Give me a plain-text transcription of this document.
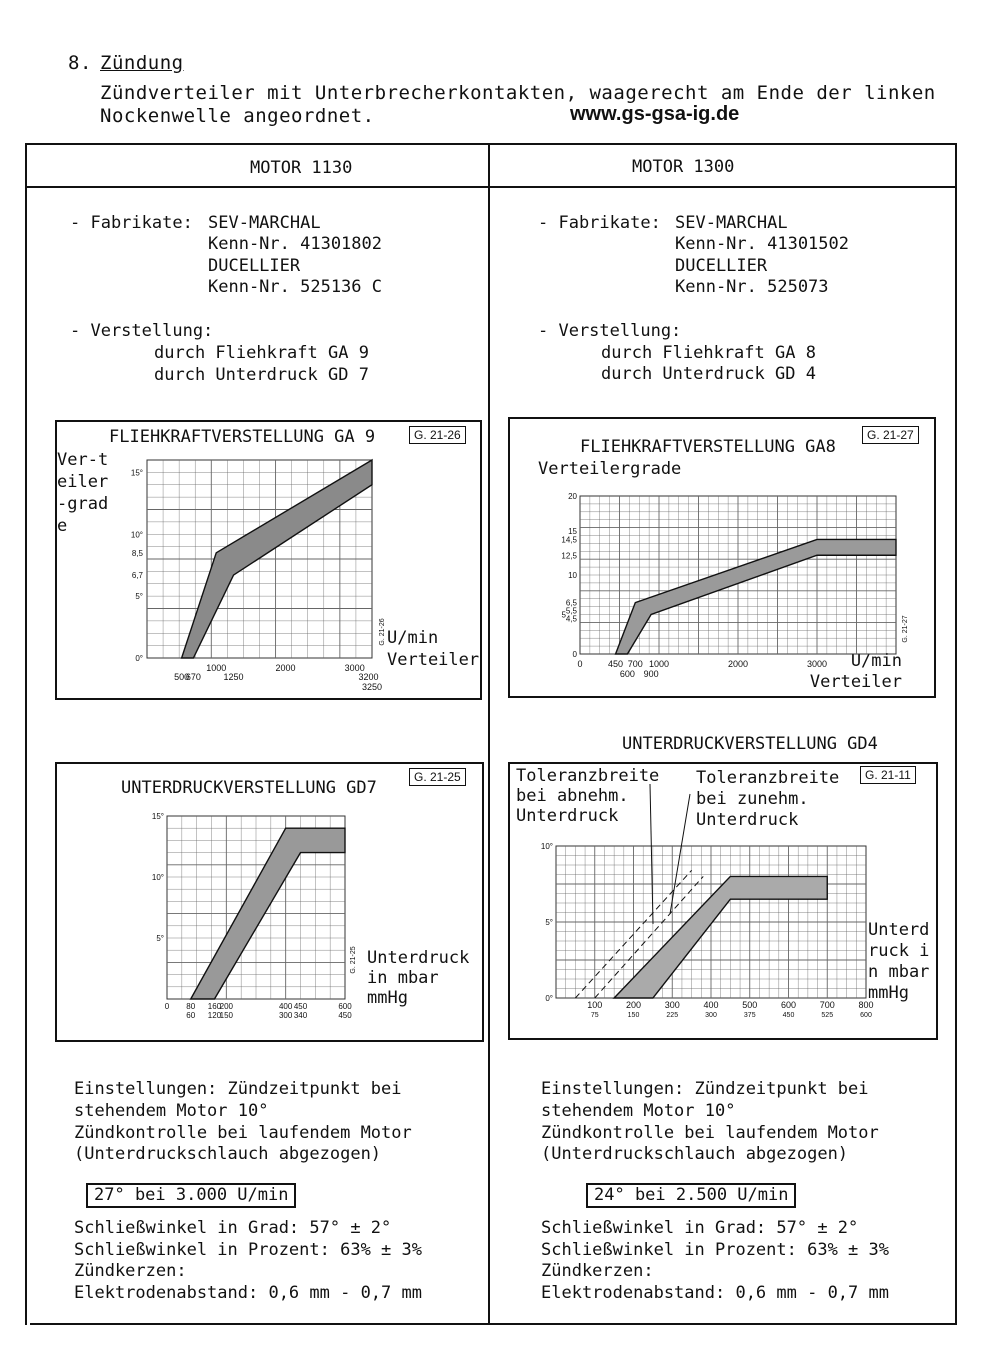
8. Zündung
Zündverteiler mit Unterbrecherkontakten, waagerecht am Ende der linken
Nockenwelle angeordnet.	www.gs-gsa-ig.de
MOTOR 1130	MOTOR 1300
- Fabrikate: SEV-MARCHAL
Kenn-Nr. 41301802
DUCELLIER
Kenn-Nr. 525136 C
- Verstellung:
durch Fliehkraft GA 9
durch Unterdruck GD 7
- Fabrikate: SEV-MARCHAL
Kenn-Nr. 41301502
DUCELLIER
Kenn-Nr. 525073
- Verstellung:
durch Fliehkraft GA 8
durch Unterdruck GD 4
FLIEHKRAFTVERSTELLUNG GA 9	G. 21-26
Ver-teiler-grade
U/min Verteiler
1000	2000	3000
500
670	1250	3200
3250
15°
10°
8,5
6,7
5°
0°
G. 21-26
FLIEHKRAFTVERSTELLUNG GA8
G. 21-27
Verteilergrade
U/min Verteiler
0	450 700 1000	2000	3000
600 900
20
15
14,5
12,5
10
6,5
5,5
4,5
0
5
G. 21-27
UNTERDRUCKVERSTELLUNG GD7
G. 21-25
Unterdruck in mbar mmHg
0 80 160
200	400 450	600
60 120
150	300 340	450
15°
10°
5°
G. 21-25
UNTERDRUCKVERSTELLUNG GD4
Toleranzbreite bei abnehm. Unterdruck
Toleranzbreite bei zunehm. Unterdruck
G. 21-11
Unterdruck in mbar mmHg
100	200	300	400	500	600	700	800
75	150	225	300	375	450	525	600
10°
5°
0°
Einstellungen: Zündzeitpunkt bei
stehendem Motor 10°
Zündkontrolle bei laufendem Motor
(Unterdruckschlauch abgezogen)
27° bei 3.000 U/min
Schließwinkel in Grad: 57° ± 2°
Schließwinkel in Prozent: 63% ± 3%
Zündkerzen:
Elektrodenabstand: 0,6 mm - 0,7 mm
Einstellungen: Zündzeitpunkt bei
stehendem Motor 10°
Zündkontrolle bei laufendem Motor
(Unterdruckschlauch abgezogen)
24° bei 2.500 U/min
Schließwinkel in Grad: 57° ± 2°
Schließwinkel in Prozent: 63% ± 3%
Zündkerzen:
Elektrodenabstand: 0,6 mm - 0,7 mm
